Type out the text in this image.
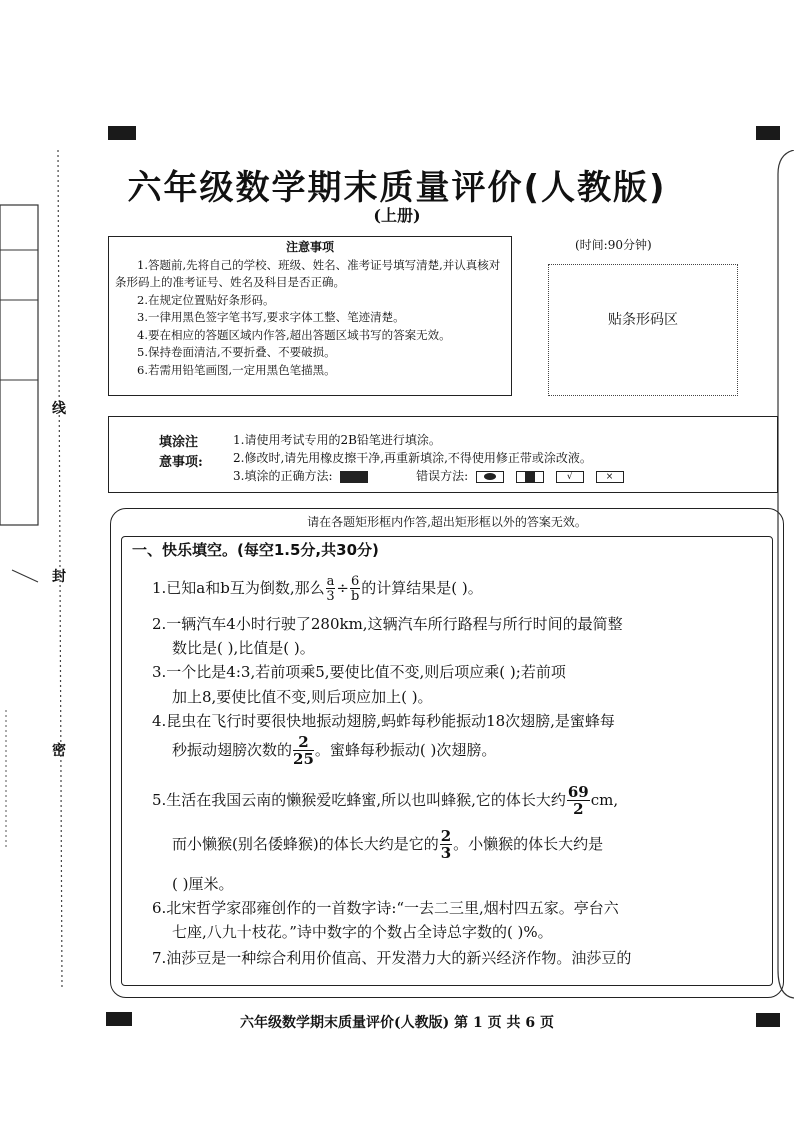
线
封
密
六年级数学期末质量评价(人教版)
(上册)
注意事项
1.答题前,先将自己的学校、班级、姓名、准考证号填写清楚,并认真核对条形码上的准考证号、姓名及科目是否正确。
2.在规定位置贴好条形码。
3.一律用黑色签字笔书写,要求字体工整、笔迹清楚。
4.要在相应的答题区域内作答,超出答题区域书写的答案无效。
5.保持卷面清洁,不要折叠、不要破损。
6.若需用铅笔画图,一定用黑色笔描黑。
(时间:90分钟)
贴条形码区
填涂注
意事项:
1.请使用考试专用的2B铅笔进行填涂。
2.修改时,请先用橡皮擦干净,再重新填涂,不得使用修正带或涂改液。
3.填涂的正确方法:	错误方法:	√	×
请在各题矩形框内作答,超出矩形框以外的答案无效。
一、快乐填空。(每空1.5分,共30分)
1.已知a和b互为倒数,那么 $\frac{a}{3} \div \frac{6}{b}$ 的计算结果是( )。
2.一辆汽车4小时行驶了280km,这辆汽车所行路程与所行时间的最简整
数比是( ),比值是( )。
3.一个比是4:3,若前项乘5,要使比值不变,则后项应乘( );若前项
加上8,要使比值不变,则后项应加上( )。
4.昆虫在飞行时要很快地振动翅膀,蚂蚱每秒能振动18次翅膀,是蜜蜂每
秒振动翅膀次数的 $\frac{2}{25}$ 。蜜蜂每秒振动( )次翅膀。
5.生活在我国云南的懒猴爱吃蜂蜜,所以也叫蜂猴,它的体长大约 $\frac{69}{2}$ cm,
而小懒猴(别名倭蜂猴)的体长大约是它的 $\frac{2}{3}$ 。小懒猴的体长大约是
( )厘米。
6.北宋哲学家邵雍创作的一首数字诗:“一去二三里,烟村四五家。亭台六
七座,八九十枝花。”诗中数字的个数占全诗总字数的( )%。
7.油莎豆是一种综合利用价值高、开发潜力大的新兴经济作物。油莎豆的
六年级数学期末质量评价(人教版) 第 1 页 共 6 页
